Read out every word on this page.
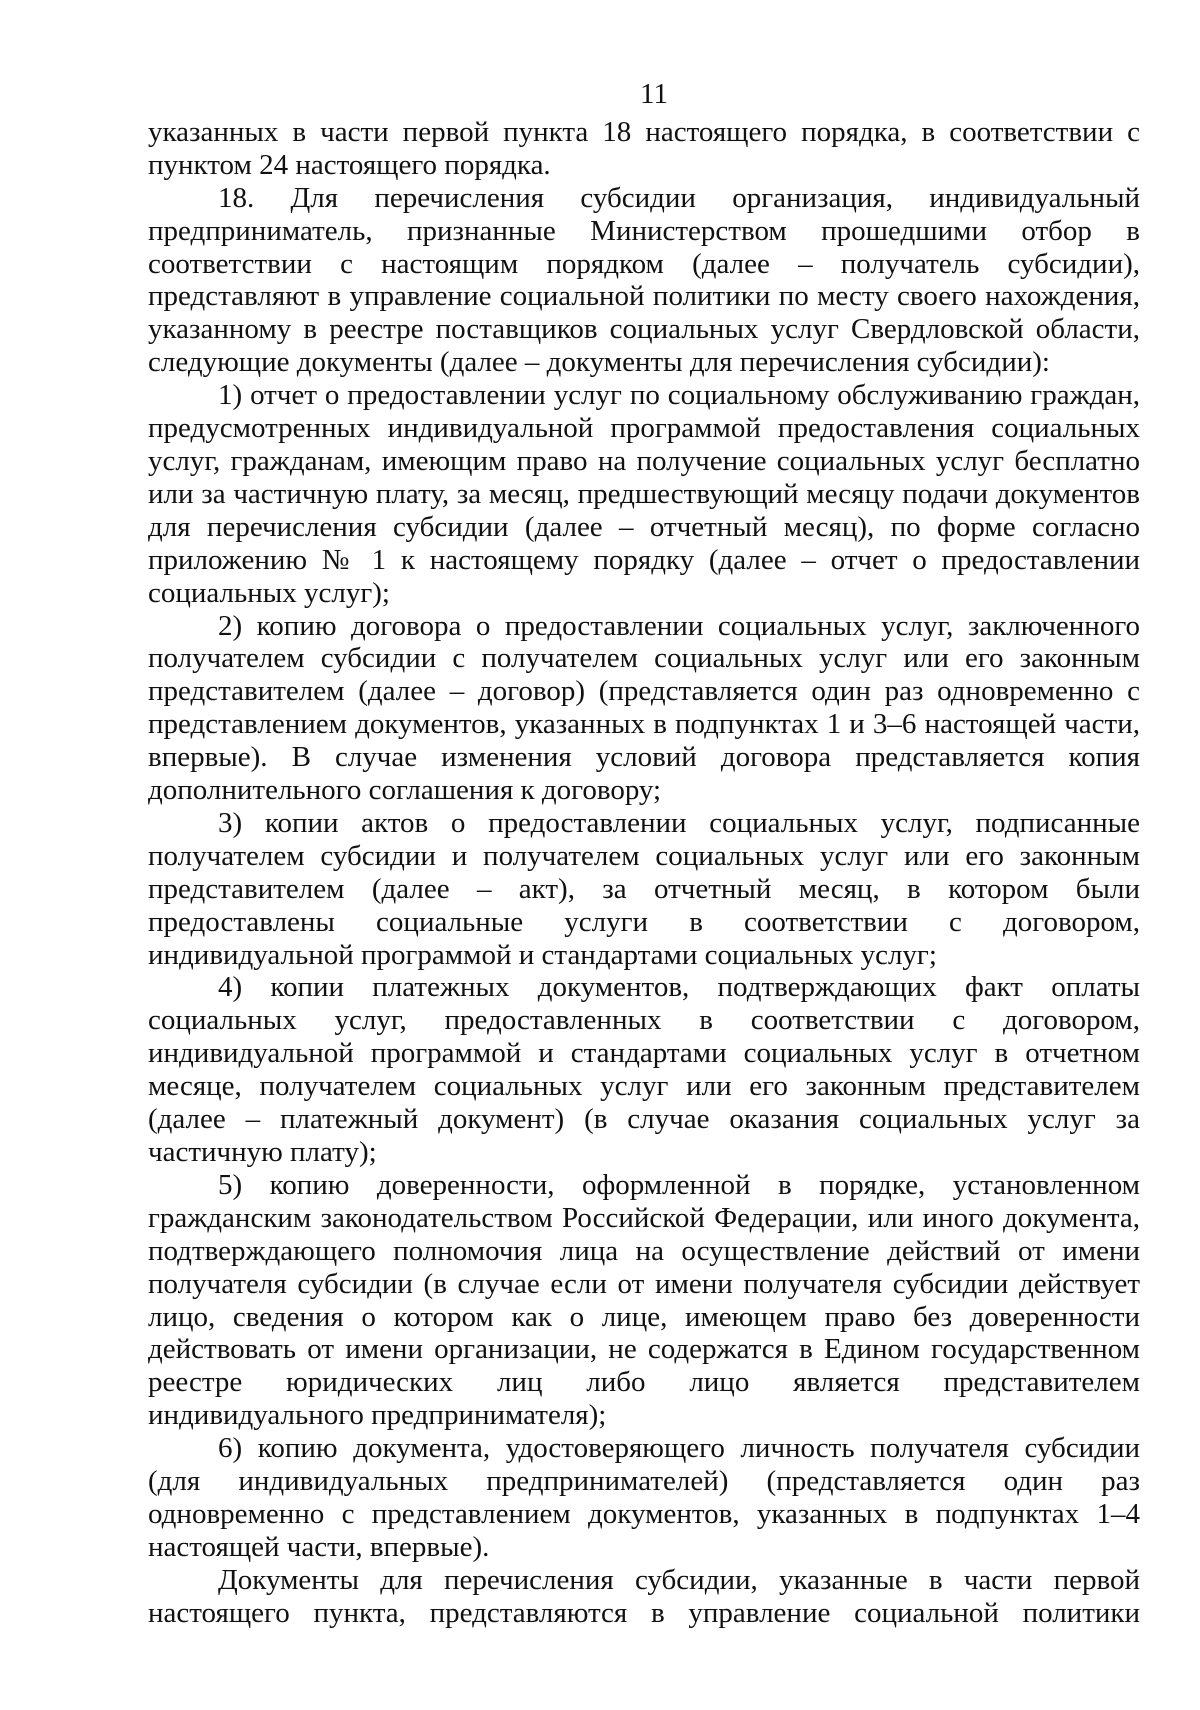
11

указанных в части первой пункта 18 настоящего порядка, в соответствии с пунктом 24 настоящего порядка.

18. Для перечисления субсидии организация, индивидуальный предприниматель, признанные Министерством прошедшими отбор в соответствии с настоящим порядком (далее – получатель субсидии), представляют в управление социальной политики по месту своего нахождения, указанному в реестре поставщиков социальных услуг Свердловской области, следующие документы (далее – документы для перечисления субсидии):

1) отчет о предоставлении услуг по социальному обслуживанию граждан, предусмотренных индивидуальной программой предоставления социальных услуг, гражданам, имеющим право на получение социальных услуг бесплатно или за частичную плату, за месяц, предшествующий месяцу подачи документов для перечисления субсидии (далее – отчетный месяц), по форме согласно приложению № 1 к настоящему порядку (далее – отчет о предоставлении социальных услуг);

2) копию договора о предоставлении социальных услуг, заключенного получателем субсидии с получателем социальных услуг или его законным представителем (далее – договор) (представляется один раз одновременно с представлением документов, указанных в подпунктах 1 и 3–6 настоящей части, впервые). В случае изменения условий договора представляется копия дополнительного соглашения к договору;

3) копии актов о предоставлении социальных услуг, подписанные получателем субсидии и получателем социальных услуг или его законным представителем (далее – акт), за отчетный месяц, в котором были предоставлены социальные услуги в соответствии с договором, индивидуальной программой и стандартами социальных услуг;

4) копии платежных документов, подтверждающих факт оплаты социальных услуг, предоставленных в соответствии с договором, индивидуальной программой и стандартами социальных услуг в отчетном месяце, получателем социальных услуг или его законным представителем (далее – платежный документ) (в случае оказания социальных услуг за частичную плату);

5) копию доверенности, оформленной в порядке, установленном гражданским законодательством Российской Федерации, или иного документа, подтверждающего полномочия лица на осуществление действий от имени получателя субсидии (в случае если от имени получателя субсидии действует лицо, сведения о котором как о лице, имеющем право без доверенности действовать от имени организации, не содержатся в Едином государственном реестре юридических лиц либо лицо является представителем индивидуального предпринимателя);

6) копию документа, удостоверяющего личность получателя субсидии (для индивидуальных предпринимателей) (представляется один раз одновременно с представлением документов, указанных в подпунктах 1–4 настоящей части, впервые).

Документы для перечисления субсидии, указанные в части первой настоящего пункта, представляются в управление социальной политики
